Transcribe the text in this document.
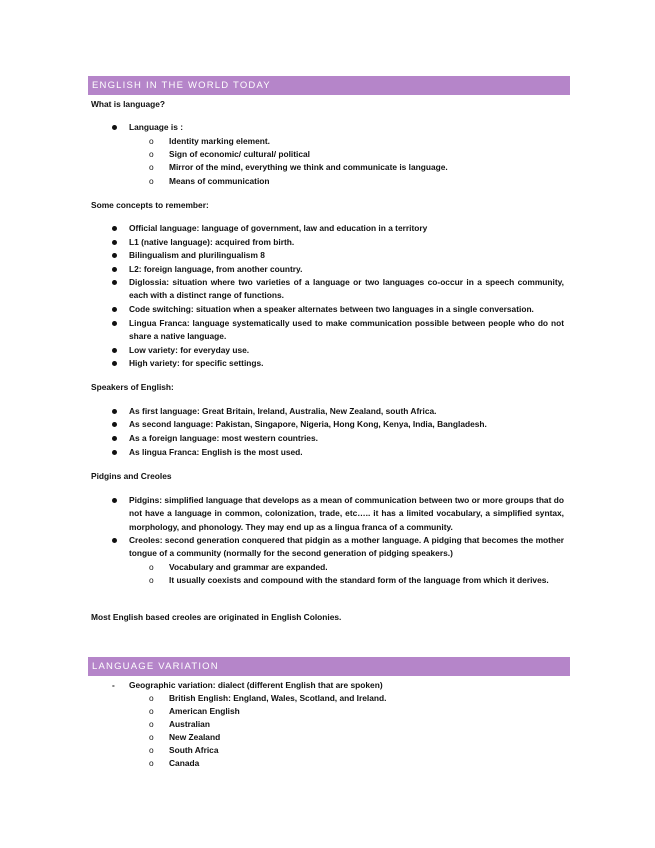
ENGLISH IN THE WORLD TODAY
What is language?
Language is :
o Identity marking element.
o Sign of economic/ cultural/ political
o Mirror of the mind, everything we think and communicate is language.
o Means of communication
Some concepts to remember:
Official language: language of government, law and education in a territory
L1 (native language): acquired from birth.
Bilingualism and plurilingualism 8
L2: foreign language, from another country.
Diglossia: situation where two varieties of a language or two languages co-occur in a speech community, each with a distinct range of functions.
Code switching: situation when a speaker alternates between two languages in a single conversation.
Lingua Franca: language systematically used to make communication possible between people who do not share a native language.
Low variety: for everyday use.
High variety: for specific settings.
Speakers of English:
As first language: Great Britain, Ireland, Australia, New Zealand, south Africa.
As second language: Pakistan, Singapore, Nigeria, Hong Kong, Kenya, India, Bangladesh.
As a foreign language: most western countries.
As lingua Franca: English is the most used.
Pidgins and Creoles
Pidgins: simplified language that develops as a mean of communication between two or more groups that do not have a language in common, colonization, trade, etc….. it has a limited vocabulary, a simplified syntax, morphology, and phonology. They may end up as a lingua franca of a community.
Creoles: second generation conquered that pidgin as a mother language. A pidging that becomes the mother tongue of a community (normally for the second generation of pidging speakers.)
o Vocabulary and grammar are expanded.
o It usually coexists and compound with the standard form of the language from which it derives.
Most English based creoles are originated in English Colonies.
LANGUAGE VARIATION
- Geographic variation: dialect (different English that are spoken)
o British English: England, Wales, Scotland, and Ireland.
o American English
o Australian
o New Zealand
o South Africa
o Canada
